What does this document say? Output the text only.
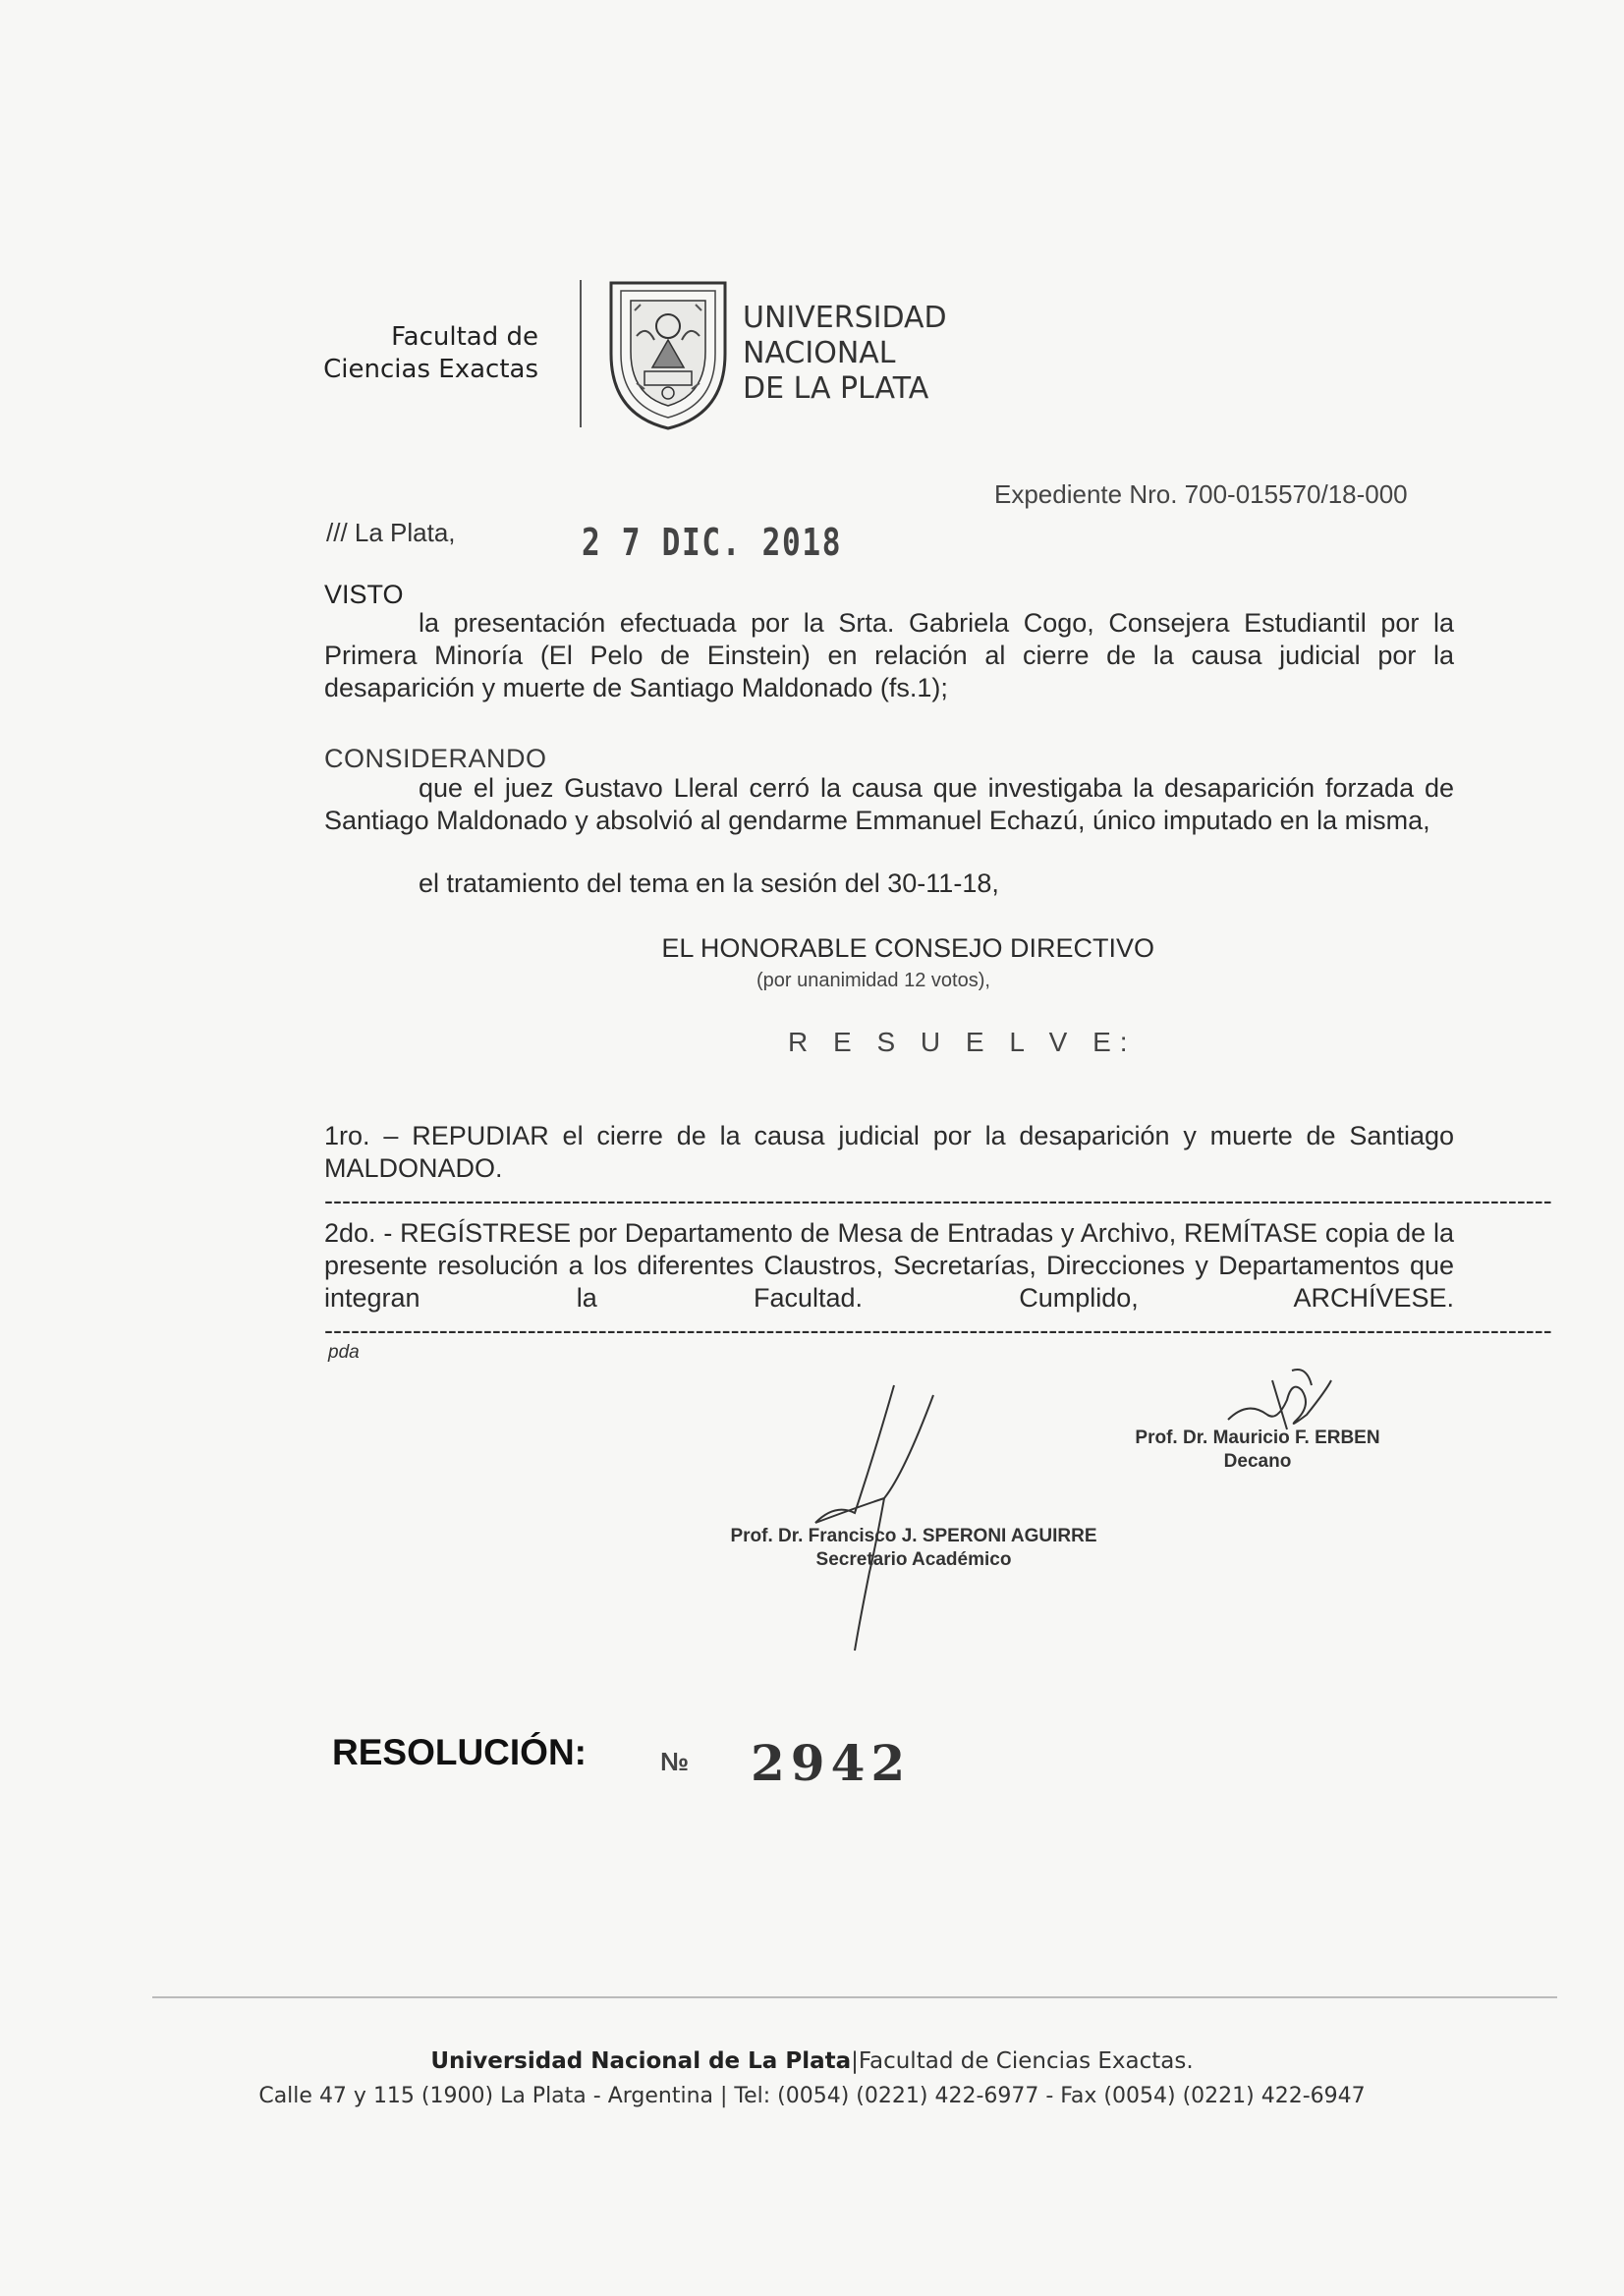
Facultad de
Ciencias Exactas
UNIVERSIDAD
NACIONAL
DE LA PLATA
Expediente Nro. 700-015570/18-000
/// La Plata,	2 7 DIC. 2018
VISTO
la presentación efectuada por la Srta. Gabriela Cogo, Consejera Estudiantil por la Primera Minoría (El Pelo de Einstein) en relación al cierre de la causa judicial por la desaparición y muerte de Santiago Maldonado (fs.1);
CONSIDERANDO
que el juez Gustavo Lleral cerró la causa que investigaba la desaparición forzada de Santiago Maldonado y absolvió al gendarme Emmanuel Echazú, único imputado en la misma,
el tratamiento del tema en la sesión del 30-11-18,
EL HONORABLE CONSEJO DIRECTIVO
(por unanimidad 12 votos),
R E S U E L V E:
1ro. – REPUDIAR el cierre de la causa judicial por la desaparición y muerte de Santiago MALDONADO. -------------------------------------------------------------------------------------------------------------------------------------------
2do. - REGÍSTRESE por Departamento de Mesa de Entradas y Archivo, REMÍTASE copia de la presente resolución a los diferentes Claustros, Secretarías, Direcciones y Departamentos que integran la Facultad. Cumplido, ARCHÍVESE. -------------------------------------------------------------------------------------------------------------------------------------------
pda
Prof. Dr. Mauricio F. ERBEN
Decano
Prof. Dr. Francisco J. SPERONI AGUIRRE
Secretario Académico
RESOLUCIÓN:	№ 2942
Universidad Nacional de La Plata|Facultad de Ciencias Exactas.
Calle 47 y 115 (1900) La Plata - Argentina | Tel: (0054) (0221) 422-6977 - Fax (0054) (0221) 422-6947
